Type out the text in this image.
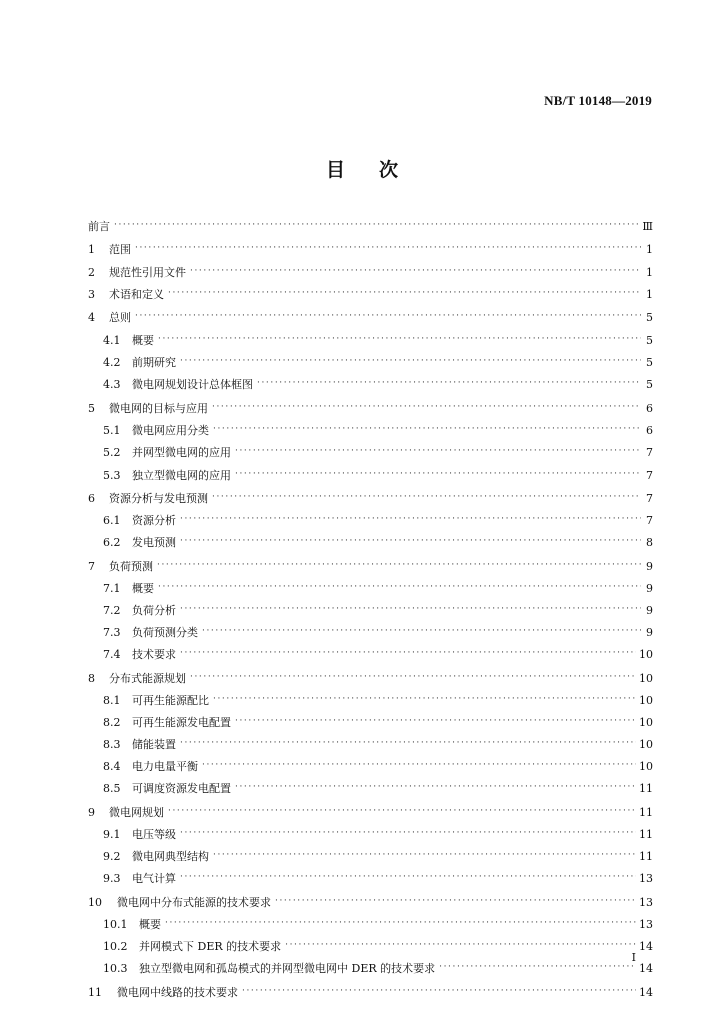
NB/T 10148—2019
目 次
前言 ·····	Ⅲ
1	范围 ·····	1
2	规范性引用文件 ·····	1
3	术语和定义 ·····	1
4	总则 ·····	5
4.1	概要 ·····	5
4.2	前期研究 ·····	5
4.3	微电网规划设计总体框图 ·····	5
5	微电网的目标与应用 ·····	6
5.1	微电网应用分类 ·····	6
5.2	并网型微电网的应用 ·····	7
5.3	独立型微电网的应用 ·····	7
6	资源分析与发电预测 ·····	7
6.1	资源分析 ·····	7
6.2	发电预测 ·····	8
7	负荷预测 ·····	9
7.1	概要 ·····	9
7.2	负荷分析 ·····	9
7.3	负荷预测分类 ·····	9
7.4	技术要求 ·····	10
8	分布式能源规划 ·····	10
8.1	可再生能源配比 ·····	10
8.2	可再生能源发电配置 ·····	10
8.3	储能装置 ·····	10
8.4	电力电量平衡 ·····	10
8.5	可调度资源发电配置 ·····	11
9	微电网规划 ·····	11
9.1	电压等级 ·····	11
9.2	微电网典型结构 ·····	11
9.3	电气计算 ·····	13
10	微电网中分布式能源的技术要求 ·····	13
10.1	概要 ·····	13
10.2	并网模式下 DER 的技术要求 ·····	14
10.3	独立型微电网和孤岛模式的并网型微电网中 DER 的技术要求 ·····	14
11	微电网中线路的技术要求 ·····	14
I
